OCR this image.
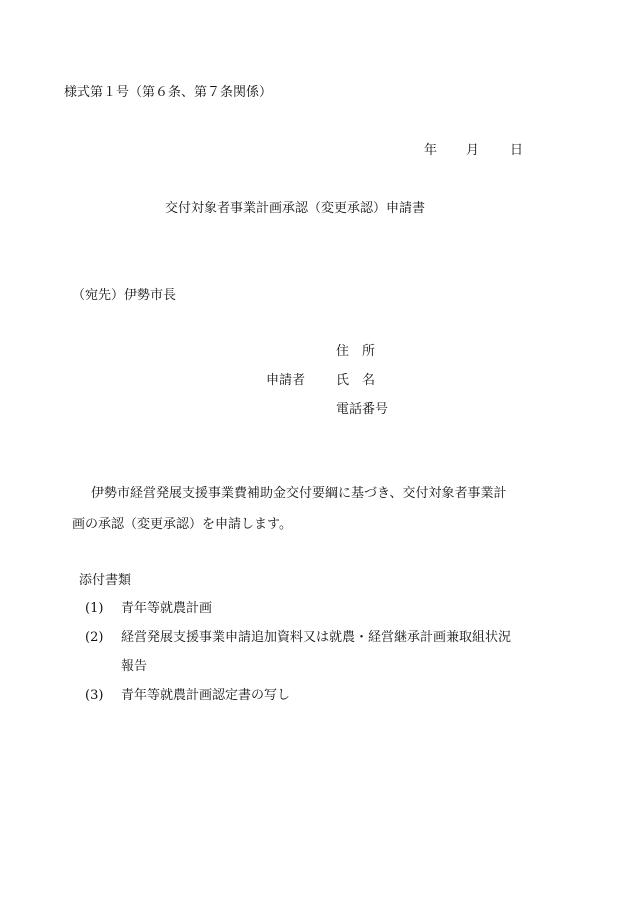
様式第１号（第６条、第７条関係）
年 月 日
交付対象者事業計画承認（変更承認）申請書
（宛先）伊勢市長
住　所
申請者 氏　名
電話番号
伊勢市経営発展支援事業費補助金交付要綱に基づき、交付対象者事業計
画の承認（変更承認）を申請します。
添付書類
(1) 青年等就農計画
(2) 経営発展支援事業申請追加資料又は就農・経営継承計画兼取組状況
報告
(3) 青年等就農計画認定書の写し
